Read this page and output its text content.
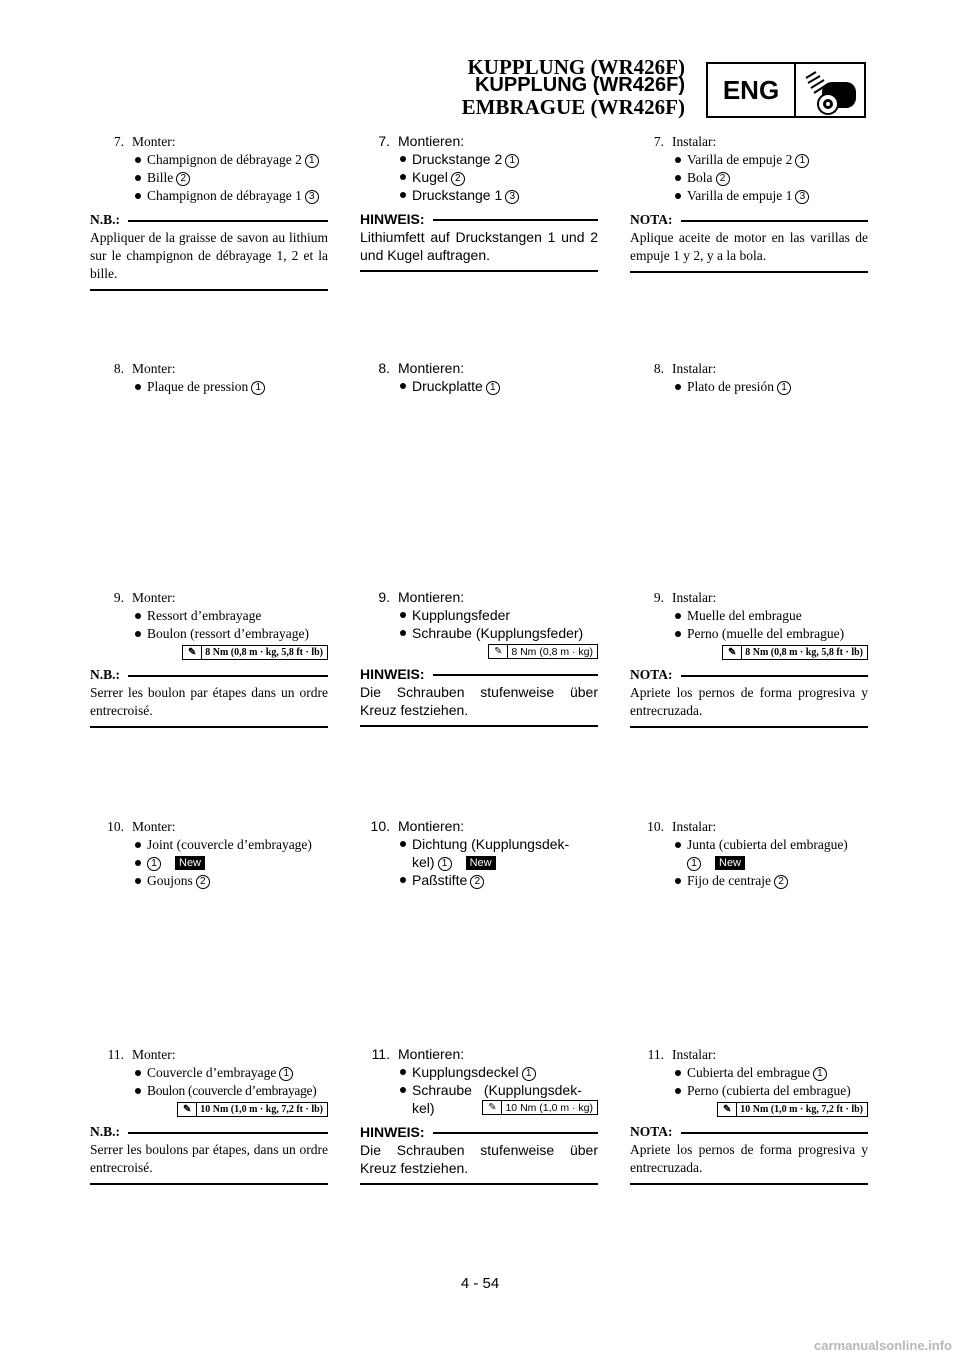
KUPPLUNG (WR426F)
KUPPLUNG (WR426F)
EMBRAGUE (WR426F)
ENG
7. Monter:
Champignon de débrayage 2 1
Bille 2
Champignon de débrayage 1 3
N.B.:
Appliquer de la graisse de savon au lithium sur le champignon de débrayage 1, 2 et la bille.
8. Monter:
Plaque de pression 1
9. Monter:
Ressort d’embrayage
Boulon (ressort d’embrayage)
✎ 8 Nm (0,8 m · kg, 5,8 ft · lb)
N.B.:
Serrer les boulon par étapes dans un ordre entrecroisé.
10. Monter:
Joint (couvercle d’embrayage)
1 New
Goujons 2
11. Monter:
Couvercle d’embrayage 1
Boulon (couvercle d’embrayage)
✎ 10 Nm (1,0 m · kg, 7,2 ft · lb)
N.B.:
Serrer les boulons par étapes, dans un ordre entrecroisé.
7. Montieren:
Druckstange 2 1
Kugel 2
Druckstange 1 3
HINWEIS:
Lithiumfett auf Druckstangen 1 und 2 und Kugel auftragen.
8. Montieren:
Druckplatte 1
9. Montieren:
Kupplungsfeder
Schraube (Kupplungsfeder)
✎ 8 Nm (0,8 m · kg)
HINWEIS:
Die Schrauben stufenweise über Kreuz festziehen.
10. Montieren:
Dichtung (Kupplungsdek-
kel) 1 New
Paßstifte 2
11. Montieren:
Kupplungsdeckel 1
Schraube (Kupplungsdek-
kel)	✎ 10 Nm (1,0 m · kg)
HINWEIS:
Die Schrauben stufenweise über Kreuz festziehen.
7. Instalar:
Varilla de empuje 2 1
Bola 2
Varilla de empuje 1 3
NOTA:
Aplique aceite de motor en las varillas de empuje 1 y 2, y a la bola.
8. Instalar:
Plato de presión 1
9. Instalar:
Muelle del embrague
Perno (muelle del embrague)
✎ 8 Nm (0,8 m · kg, 5,8 ft · lb)
NOTA:
Apriete los pernos de forma progresiva y entrecruzada.
10. Instalar:
Junta (cubierta del embrague)
1 New
Fijo de centraje 2
11. Instalar:
Cubierta del embrague 1
Perno (cubierta del embrague)
✎ 10 Nm (1,0 m · kg, 7,2 ft · lb)
NOTA:
Apriete los pernos de forma progresiva y entrecruzada.
4 - 54
carmanualsonline.info
